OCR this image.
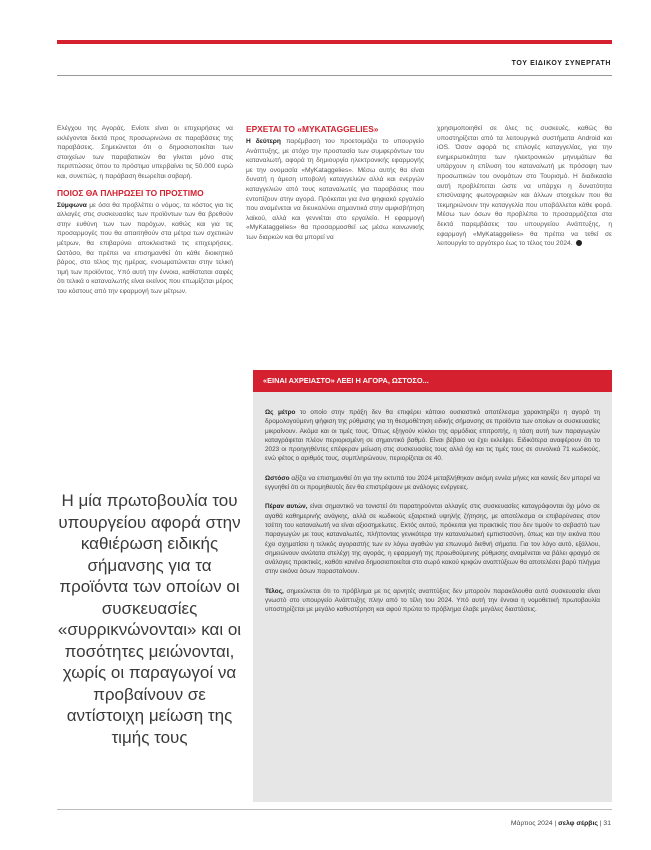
ΤΟΥ ΕΙΔΙΚΟΥ ΣΥΝΕΡΓΑΤΗ

Ελέγχου της Αγοράς. Ενίοτε είναι οι επιχειρήσεις να εκλέγονται δεκτά προς προσωρινώνει σε παραβάσεις της παραβάσεις. Σημειώνεται ότι ο δημοσιοποιείται των στοιχείων των παραβατικών θα γίνεται μόνο στις περιπτώσεις όπου το πρόστιμο υπερβαίνει τις 50.000 ευρώ και, συνεπώς, η παράβαση θεωρείται σοβαρή.

ΠΟΙΟΣ ΘΑ ΠΛΗΡΩΣΕΙ ΤΟ ΠΡΟΣΤΙΜΟ

Σύμφωνα με όσα θα προβλέπει ο νόμος, τα κόστος για τις αλλαγές στις συσκευασίες των προϊόντων των θα βρεθούν στην ευθύνη των των παρόχων, καθώς και για τις προσαρμογές που θα απαιτηθούν στα μέτρα των σχετικών μέτρων, θα επιβαρύνει αποκλειστικά τις επιχειρήσεις. Ωστόσο, θα πρέπει να επισημανθεί ότι κάθε διοικητικό βάρος, στο τέλος της ημέρας, ενσωματώνεται στην τελική τιμή των προϊόντος. Υπό αυτή την έννοια, καθίσταται σαφές ότι τελικά ο καταναλωτής είναι εκείνος που επωμίζεται μέρος του κόστους από την εφαρμογή των μέτρων.

ΕΡΧΕΤΑΙ ΤΟ «MYKATAGGELIES»

Η δεύτερη παρέμβαση του προετοιμάζει το υπουργείο Ανάπτυξης, με στόχο την προστασία των συμφερόντων του καταναλωτή, αφορά τη δημιουργία ηλεκτρονικής εφαρμογής με την ονομασία «MyKataggelies». Μέσω αυτής θα είναι δυνατή η άμεση υποβολή καταγγελιών αλλά και ενεργών καταγγελιών από τους καταναλωτές για παραβάσεις που εντοπίζουν στην αγορά. Πρόκειται για ένα ψηφιακό εργαλείο που αναμένεται να διευκολύνει σημαντικά στην αμφισβήτηση λαϊκού, αλλά και γεννιέται στο εργαλείο. Η εφαρμογή «MyKataggelies» θα προσαρμοσθεί ως μέσω κοινωνικής των διαρκών και θα μπορεί να

χρησιμοποιηθεί σε όλες τις συσκευές, καθώς θα υποστηρίζεται από τα λειτουργικά συστήματα Android και iOS. Όσον αφορά τις επιλογές καταγγελίας, για την ενημερωτικότητα των ηλεκτρονικών μηνυμάτων θα υπάρχουν η επίλυση του καταναλωτή με πρόσοψη των προσωπικών του ονομάτων στο Τουρισμό. Η διαδικασία αυτή προβλέπεται ώστε να υπάρχει η δυνατότητα επισύναψης φωτογραφιών και άλλων στοιχείων που θα τεκμηριώνουν την καταγγελία που υποβάλλεται κάθε φορά. Μέσω των όσων θα προβλέπει το προσαρμόζεται στα δεκτά παρεμβάσεις του υπουργείου Ανάπτυξης, η εφαρμογή «MyKataggelies» θα πρέπει να τεθεί σε λειτουργία το αργότερο έως το τέλος του 2024.

Η μία πρωτοβουλία του υπουργείου αφορά στην καθιέρωση ειδικής σήμανσης για τα προϊόντα των οποίων οι συσκευασίες «συρρικνώνονται» και οι ποσότητες μειώνονται, χωρίς οι παραγωγοί να προβαίνουν σε αντίστοιχη μείωση της τιμής τους

«ΕΙΝΑΙ ΑΧΡΕΙΑΣΤΟ» ΛΕΕΙ Η ΑΓΟΡΑ, ΩΣΤΟΣΟ...

Ως μέτρο το οποίο στην πράξη δεν θα επιφέρει κάποιο ουσιαστικό αποτέλεσμα χαρακτηρίζει η αγορά τη δρομολογούμενη ψήφιση της ρύθμισης για τη θεσμοθέτηση ειδικής σήμανσης σε προϊόντα των οποίων οι συσκευασίες μικραίνουν. Ακόμα και οι τιμές τους. Όπως εξηγούν κύκλοι της αρμόδιας επιτροπής, η τάση αυτή των παραγωγών καταγράφεται πλέον περιορισμένη σε σημαντικό βαθμό. Είναι βέβαιο να έχει εκλείψει. Ειδικότερα αναφέρουν ότι το 2023 οι προηγηθέντες επέφεραν μείωση στις συσκευασίες τους αλλά όχι και τις τιμές τους σε συνολικά 71 κωδικούς, ενώ φέτος ο αριθμός τους, συμπληρώνουν, περιορίζεται σε 40.

Ωστόσο αξίζει να επισημανθεί ότι για την εκτυπά του 2024 μεταβλήθηκαν ακόμη εννέα μήνες και κανείς δεν μπορεί να εγγυηθεί ότι οι προμηθευτές δεν θα επιστρέψουν με ανάλογες ενέργειες.

Πέραν αυτών, είναι σημαντικό να τονιστεί ότι παρατηρούνται αλλαγές στις συσκευασίες καταγράφονται όχι μόνο σε αγαθά καθημερινής ανάγκης, αλλά σε κωδικούς εξαιρετικά υψηλής ζήτησης, με αποτέλεσμα οι επιβαρύνσεις στον τσέπη του καταναλωτή να είναι αξιοσημείωτες. Εκτός αυτού, πρόκειται για πρακτικές που δεν τιμούν το σεβαστό των παραγωγών με τους καταναλωτές, πλήττοντας γενικότερα την καταναλωτική εμπιστοσύνη, όπως και την εικόνα που έχει σχηματίσει η τελικός αγοραστής των εν λόγω αγαθών για επωνυμό διεθνή σήματα. Για τον λόγο αυτό, εξάλλου, σημειώνουν ανώτατα στελέχη της αγοράς, η εφαρμογή της προωθούμενης ρύθμισης αναμένεται να βάλει φραγμό σε ανάλογες πρακτικές, καθότι κανένα δημοσιοποιείται στο σωρό κακού κριφών αναπτύξεων θα αποτελέσει βαρύ πλήγμα στην εικόνα όσων παρασταίνουν.

Τέλος, σημειώνεται ότι το πρόβλημα με τις αρνητές αναπτύξεις δεν μπορούν παρακόλουθα αυτό συσκευασία είναι γνωστό στο υπουργείο Ανάπτυξης πλην από το τέλη του 2024. Υπό αυτή την έννοια η νομοθετική πρωτοβουλία υποστηρίζεται με μεγάλο καθυστέρηση και αφού πρώτα το πρόβλημα έλαβε μεγάλες διαστάσεις.

Μάρτιος 2024 | σελφ σέρβις | 31
